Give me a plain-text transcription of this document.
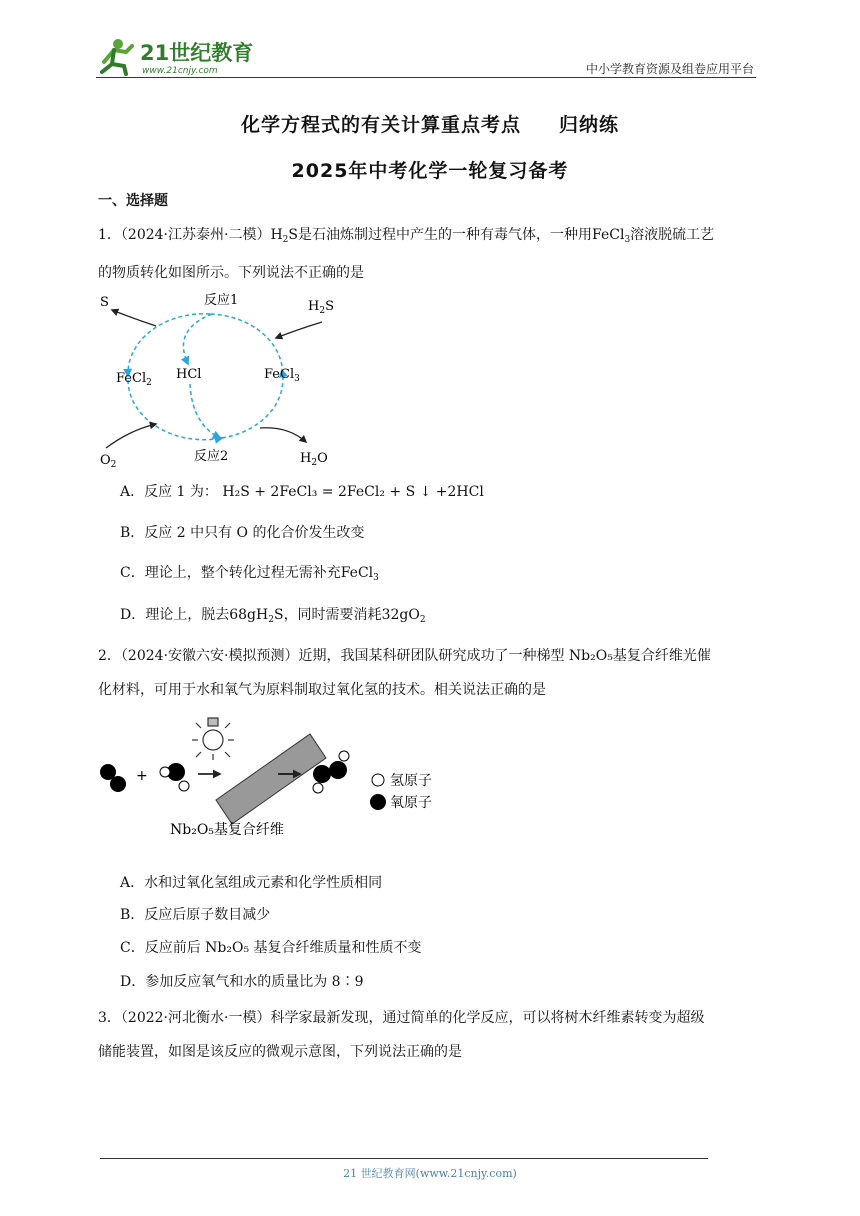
21世纪教育
www.21cnjy.com	中小学教育资源及组卷应用平台
化学方程式的有关计算重点考点 归纳练
2025年中考化学一轮复习备考
一、选择题
1．（2024·江苏泰州·二模）$H_2S$是石油炼制过程中产生的一种有毒气体，一种用FeCl$_3$溶液脱硫工艺
的物质转化如图所示。下列说法不正确的是
S	反应1	$H_2S$
FeCl$_2$
HCl	FeCl$_3$
$O_2$
反应2	$H_2O$
A．反应 1 为： H₂S + 2FeCl₃ = 2FeCl₂ + S ↓ +2HCl
B．反应 2 中只有 O 的化合价发生改变
C．理论上，整个转化过程无需补充FeCl$_3$
D．理论上，脱去$68gH_2S$，同时需要消耗$32gO_2$
2．（2024·安徽六安·模拟预测）近期，我国某科研团队研究成功了一种梯型 Nb₂O₅基复合纤维光催
化材料，可用于水和氧气为原料制取过氧化氢的技术。相关说法正确的是
+	氢原子
氧原子
Nb₂O₅基复合纤维
A．水和过氧化氢组成元素和化学性质相同
B．反应后原子数目减少
C．反应前后 Nb₂O₅ 基复合纤维质量和性质不变
D．参加反应氧气和水的质量比为 8∶9
3．（2022·河北衡水·一模）科学家最新发现，通过简单的化学反应，可以将树木纤维素转变为超级
储能装置，如图是该反应的微观示意图，下列说法正确的是
21 世纪教育网(www.21cnjy.com)
